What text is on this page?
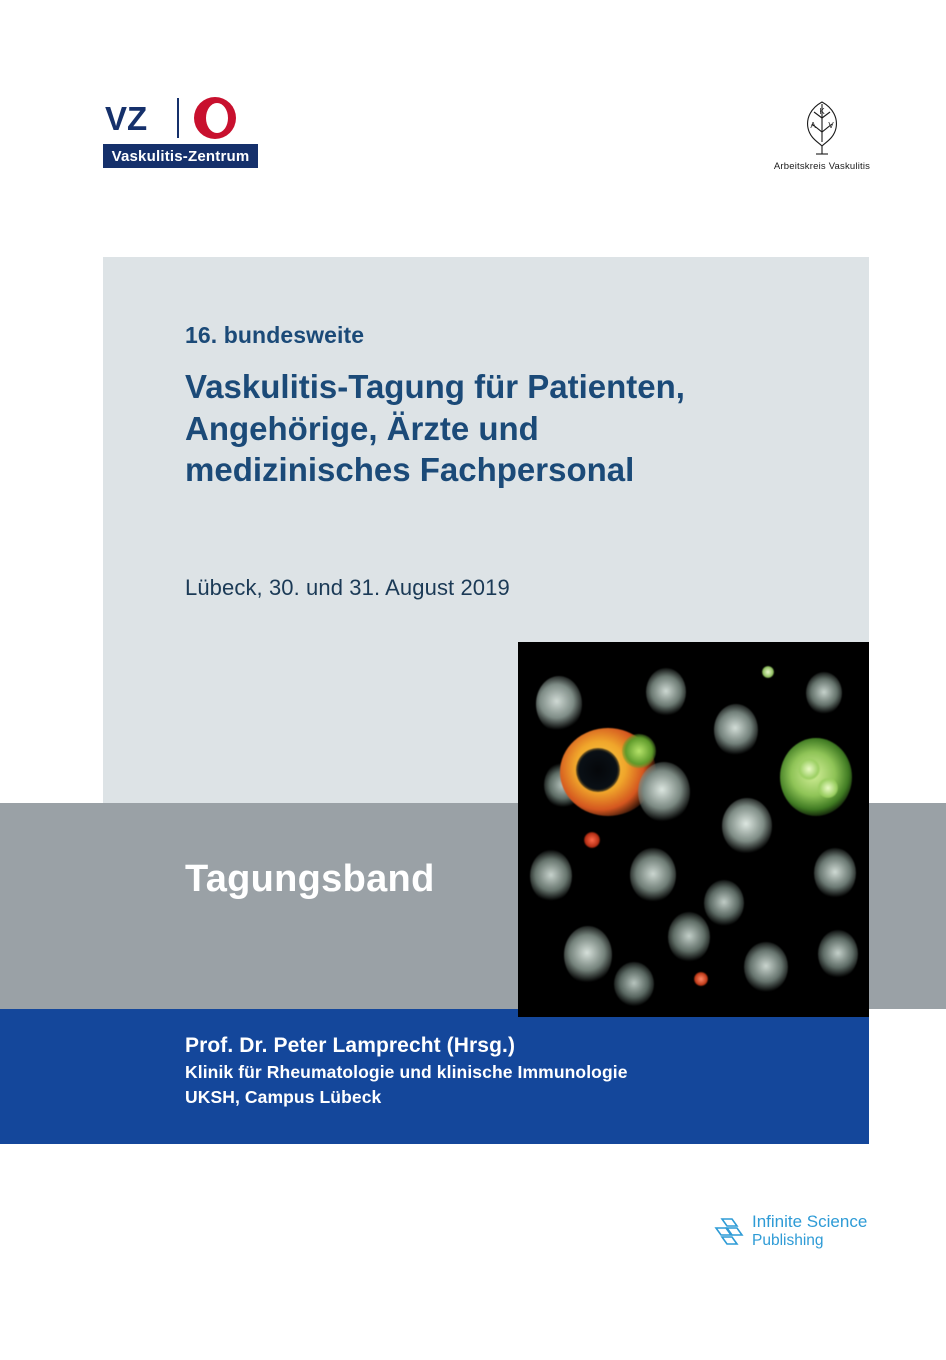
VZ
Vaskulitis-Zentrum
K
A V
Arbeitskreis Vaskulitis
16. bundesweite
Vaskulitis-Tagung für Patienten,
Angehörige, Ärzte und
medizinisches Fachpersonal
Lübeck, 30. und 31. August 2019
Tagungsband
Prof. Dr. Peter Lamprecht (Hrsg.)
Klinik für Rheumatologie und klinische Immunologie
UKSH, Campus Lübeck
Infinite Science
Publishing
